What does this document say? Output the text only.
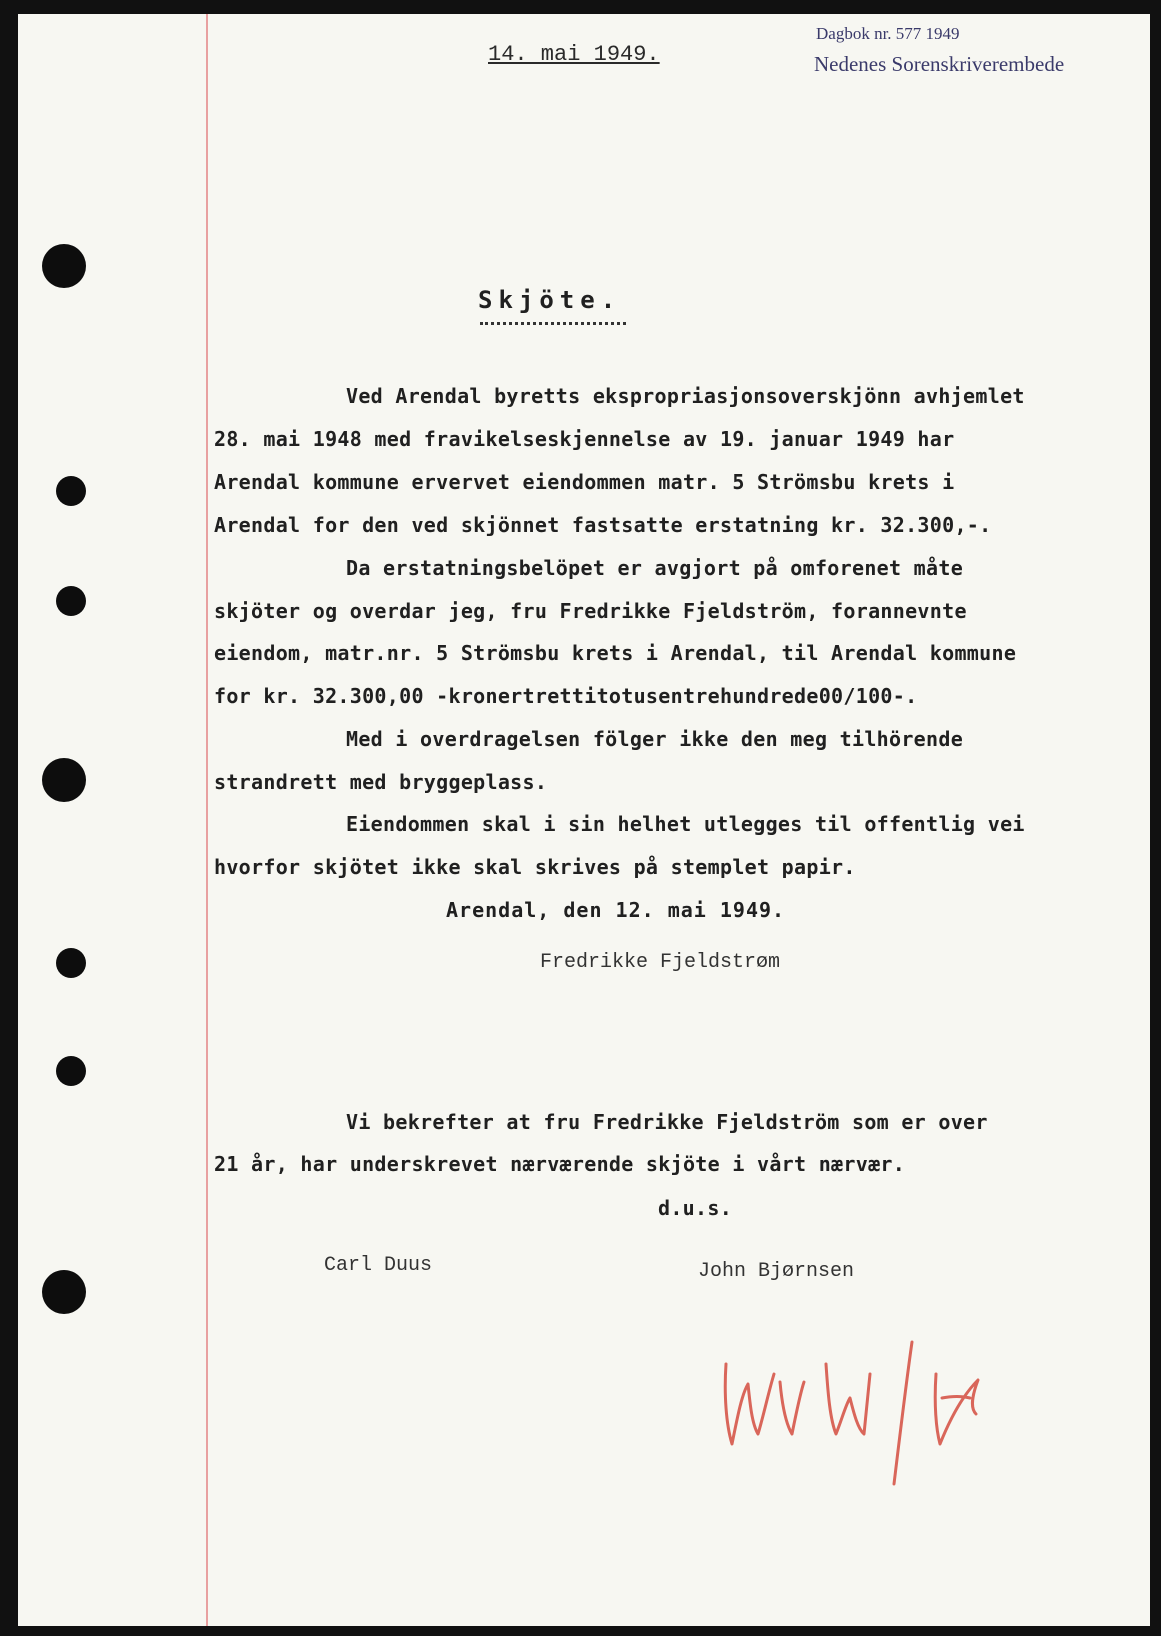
Dagbok nr. 577 1949
Nedenes Sorenskriverembede
14. mai 1949.
Skjöte.
Ved Arendal byretts ekspropriasjonsoverskjönn avhjemlet
28. mai 1948 med fravikelseskjennelse av 19. januar 1949 har
Arendal kommune ervervet eiendommen matr. 5 Strömsbu krets i
Arendal for den ved skjönnet fastsatte erstatning kr. 32.300,-.
Da erstatningsbelöpet er avgjort på omforenet måte
skjöter og overdar jeg, fru Fredrikke Fjeldström, forannevnte
eiendom, matr.nr. 5 Strömsbu krets i Arendal, til Arendal kommune
for kr. 32.300,00 -kronertrettitotusentrehundrede00/100-.
Med i overdragelsen fölger ikke den meg tilhörende
strandrett med bryggeplass.
Eiendommen skal i sin helhet utlegges til offentlig vei
hvorfor skjötet ikke skal skrives på stemplet papir.
Arendal, den 12. mai 1949.
Fredrikke Fjeldstrøm
Vi bekrefter at fru Fredrikke Fjeldström som er over
21 år, har underskrevet nærværende skjöte i vårt nærvær.
d.u.s.
Carl Duus	John Bjørnsen
